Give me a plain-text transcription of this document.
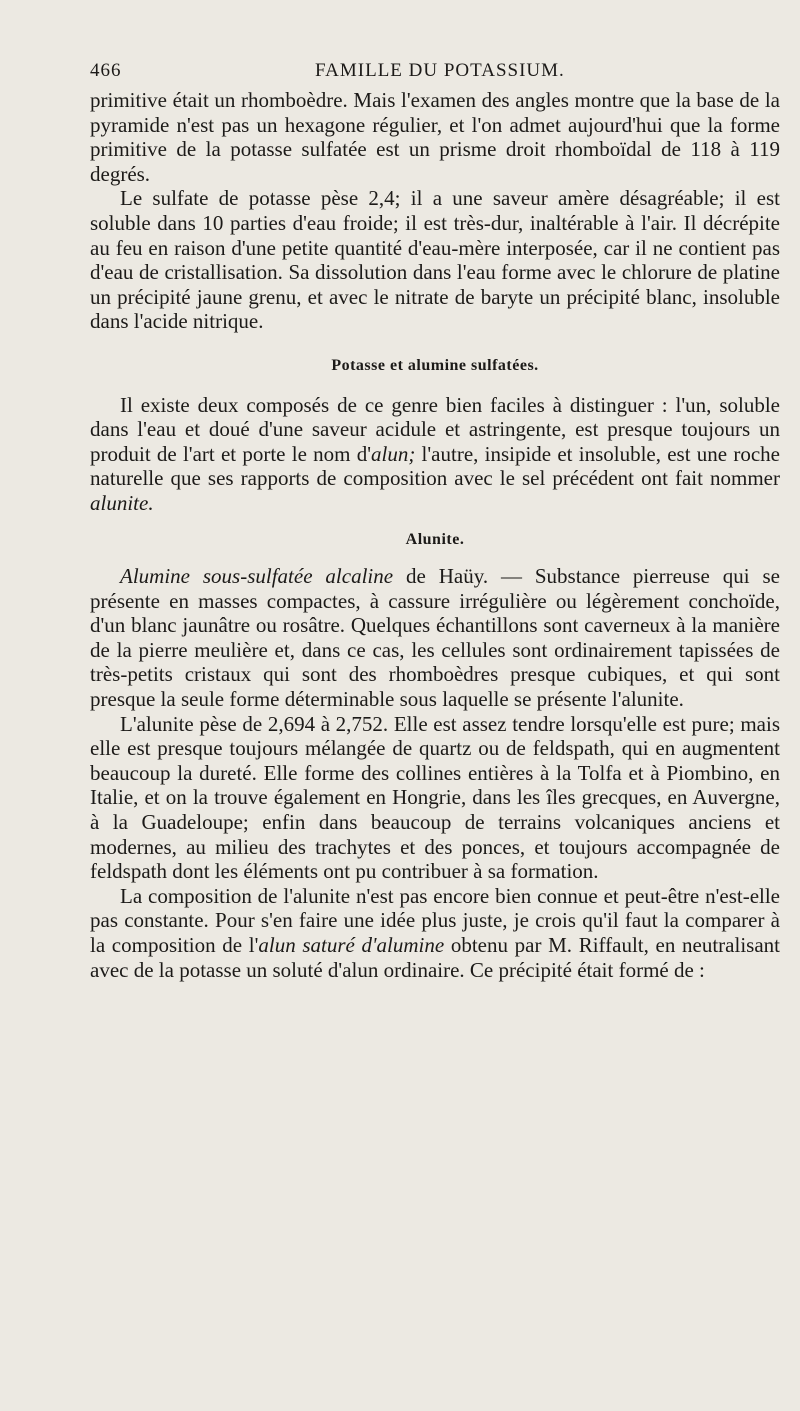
466	FAMILLE DU POTASSIUM.

primitive était un rhomboèdre. Mais l'examen des angles montre que la base de la pyramide n'est pas un hexagone régulier, et l'on admet aujourd'hui que la forme primitive de la potasse sulfatée est un prisme droit rhomboïdal de 118 à 119 degrés.

Le sulfate de potasse pèse 2,4; il a une saveur amère désagréable; il est soluble dans 10 parties d'eau froide; il est très-dur, inaltérable à l'air. Il décrépite au feu en raison d'une petite quantité d'eau-mère interposée, car il ne contient pas d'eau de cristallisation. Sa dissolution dans l'eau forme avec le chlorure de platine un précipité jaune grenu, et avec le nitrate de baryte un précipité blanc, insoluble dans l'acide nitrique.

Potasse et alumine sulfatées.

Il existe deux composés de ce genre bien faciles à distinguer : l'un, soluble dans l'eau et doué d'une saveur acidule et astringente, est presque toujours un produit de l'art et porte le nom d'alun; l'autre, insipide et insoluble, est une roche naturelle que ses rapports de composition avec le sel précédent ont fait nommer alunite.

Alunite.

Alumine sous-sulfatée alcaline de Haüy. — Substance pierreuse qui se présente en masses compactes, à cassure irrégulière ou légèrement conchoïde, d'un blanc jaunâtre ou rosâtre. Quelques échantillons sont caverneux à la manière de la pierre meulière et, dans ce cas, les cellules sont ordinairement tapissées de très-petits cristaux qui sont des rhomboèdres presque cubiques, et qui sont presque la seule forme déterminable sous laquelle se présente l'alunite.

L'alunite pèse de 2,694 à 2,752. Elle est assez tendre lorsqu'elle est pure; mais elle est presque toujours mélangée de quartz ou de feldspath, qui en augmentent beaucoup la dureté. Elle forme des collines entières à la Tolfa et à Piombino, en Italie, et on la trouve également en Hongrie, dans les îles grecques, en Auvergne, à la Guadeloupe; enfin dans beaucoup de terrains volcaniques anciens et modernes, au milieu des trachytes et des ponces, et toujours accompagnée de feldspath dont les éléments ont pu contribuer à sa formation.

La composition de l'alunite n'est pas encore bien connue et peut-être n'est-elle pas constante. Pour s'en faire une idée plus juste, je crois qu'il faut la comparer à la composition de l'alun saturé d'alumine obtenu par M. Riffault, en neutralisant avec de la potasse un soluté d'alun ordinaire. Ce précipité était formé de :
